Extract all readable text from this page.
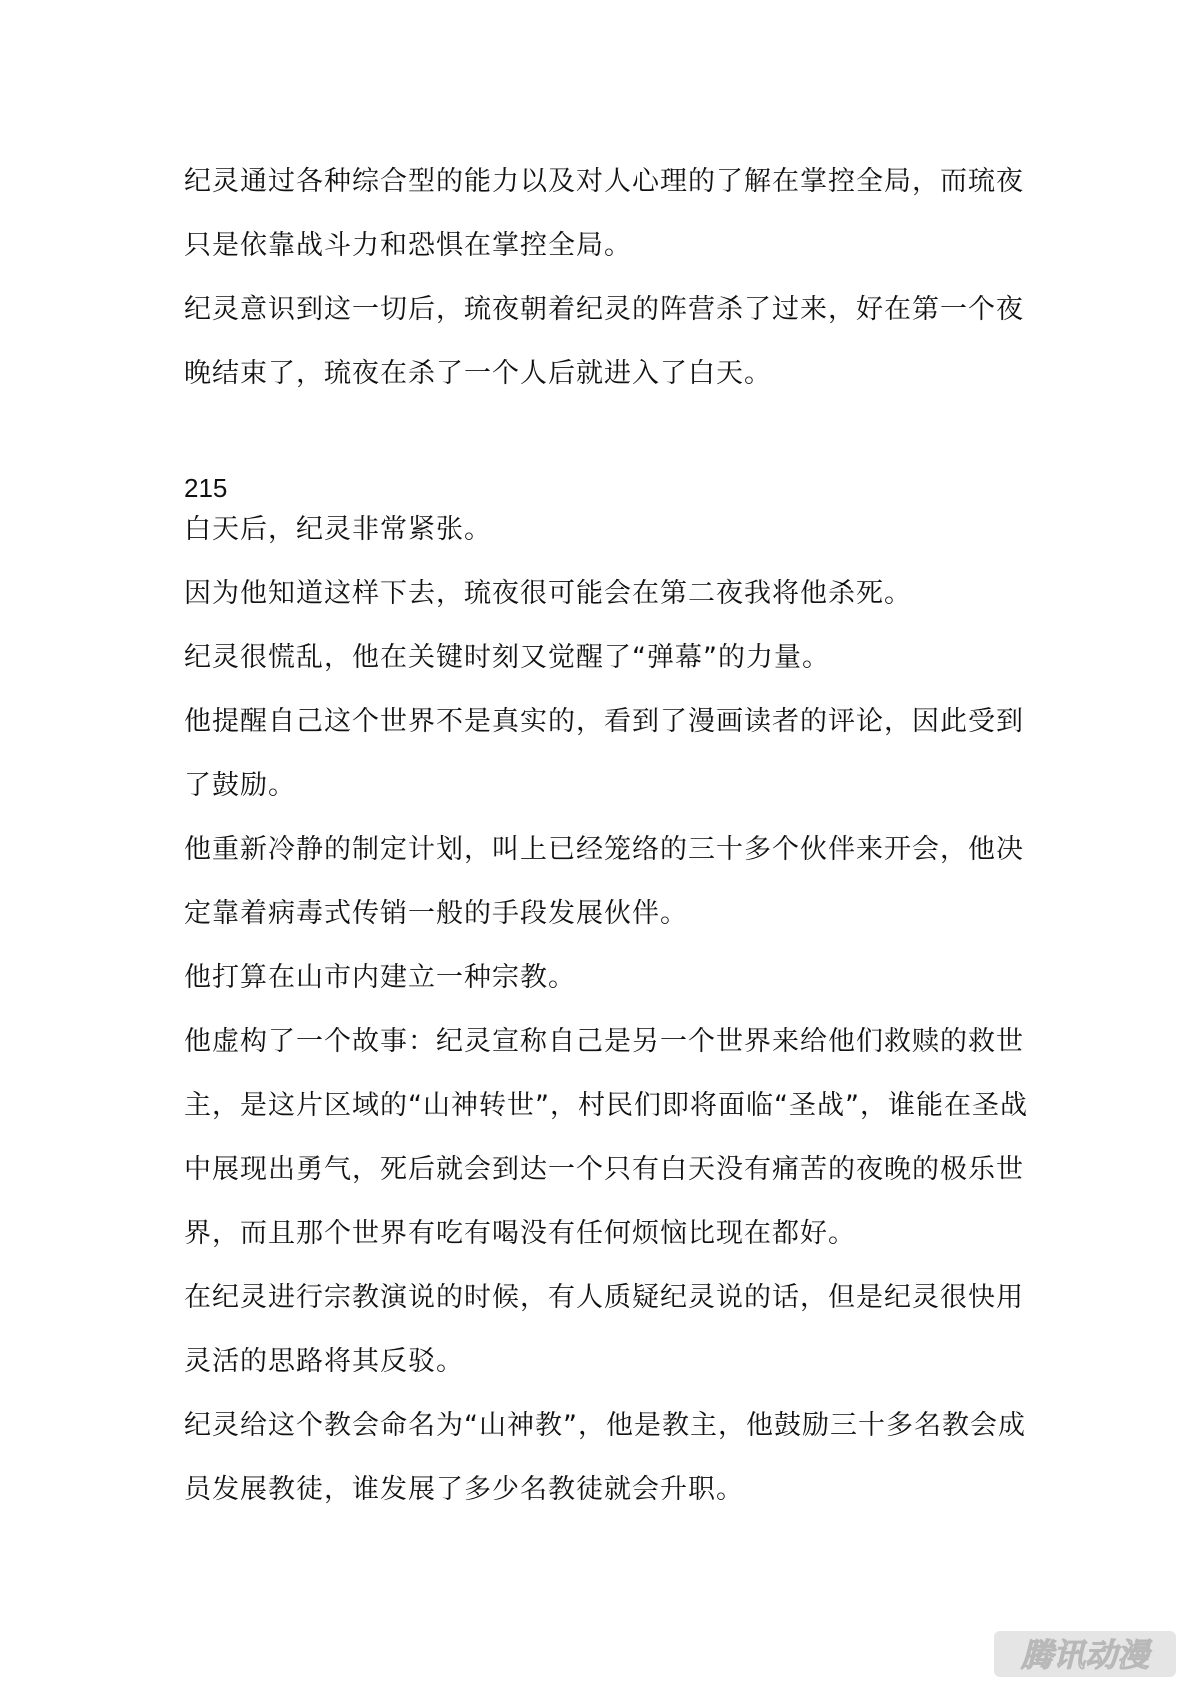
纪灵通过各种综合型的能力以及对人心理的了解在掌控全局，而琉夜只是依靠战斗力和恐惧在掌控全局。

纪灵意识到这一切后，琉夜朝着纪灵的阵营杀了过来，好在第一个夜晚结束了，琉夜在杀了一个人后就进入了白天。

215

白天后，纪灵非常紧张。

因为他知道这样下去，琉夜很可能会在第二夜我将他杀死。

纪灵很慌乱，他在关键时刻又觉醒了“弹幕”的力量。

他提醒自己这个世界不是真实的，看到了漫画读者的评论，因此受到了鼓励。

他重新冷静的制定计划，叫上已经笼络的三十多个伙伴来开会，他决定靠着病毒式传销一般的手段发展伙伴。

他打算在山市内建立一种宗教。

他虚构了一个故事：纪灵宣称自己是另一个世界来给他们救赎的救世主，是这片区域的“山神转世”，村民们即将面临“圣战”，谁能在圣战中展现出勇气，死后就会到达一个只有白天没有痛苦的夜晚的极乐世界，而且那个世界有吃有喝没有任何烦恼比现在都好。

在纪灵进行宗教演说的时候，有人质疑纪灵说的话，但是纪灵很快用灵活的思路将其反驳。

纪灵给这个教会命名为“山神教”，他是教主，他鼓励三十多名教会成员发展教徒，谁发展了多少名教徒就会升职。

腾讯动漫
